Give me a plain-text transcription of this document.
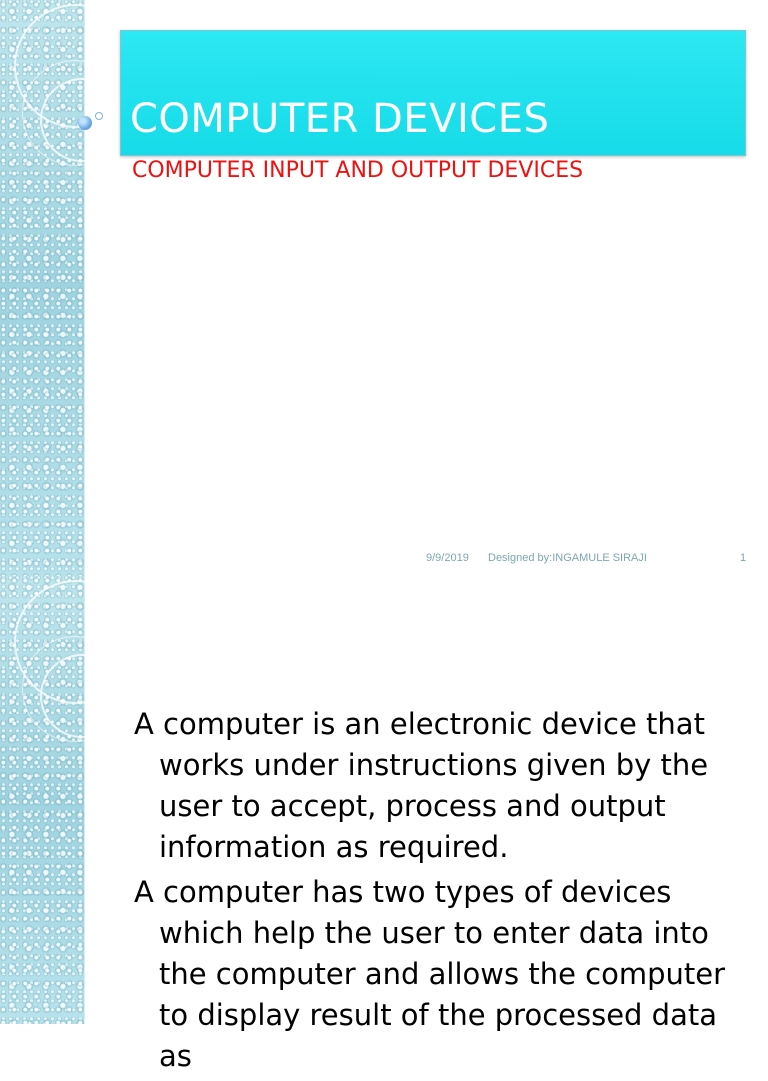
COMPUTER DEVICES
COMPUTER INPUT AND OUTPUT DEVICES
9/9/2019 Designed by:INGAMULE SIRAJI	1

A computer is an electronic device that works under instructions given by the user to accept, process and output information as required.

A computer has two types of devices which help the user to enter data into the computer and allows the computer to display result of the processed data as
